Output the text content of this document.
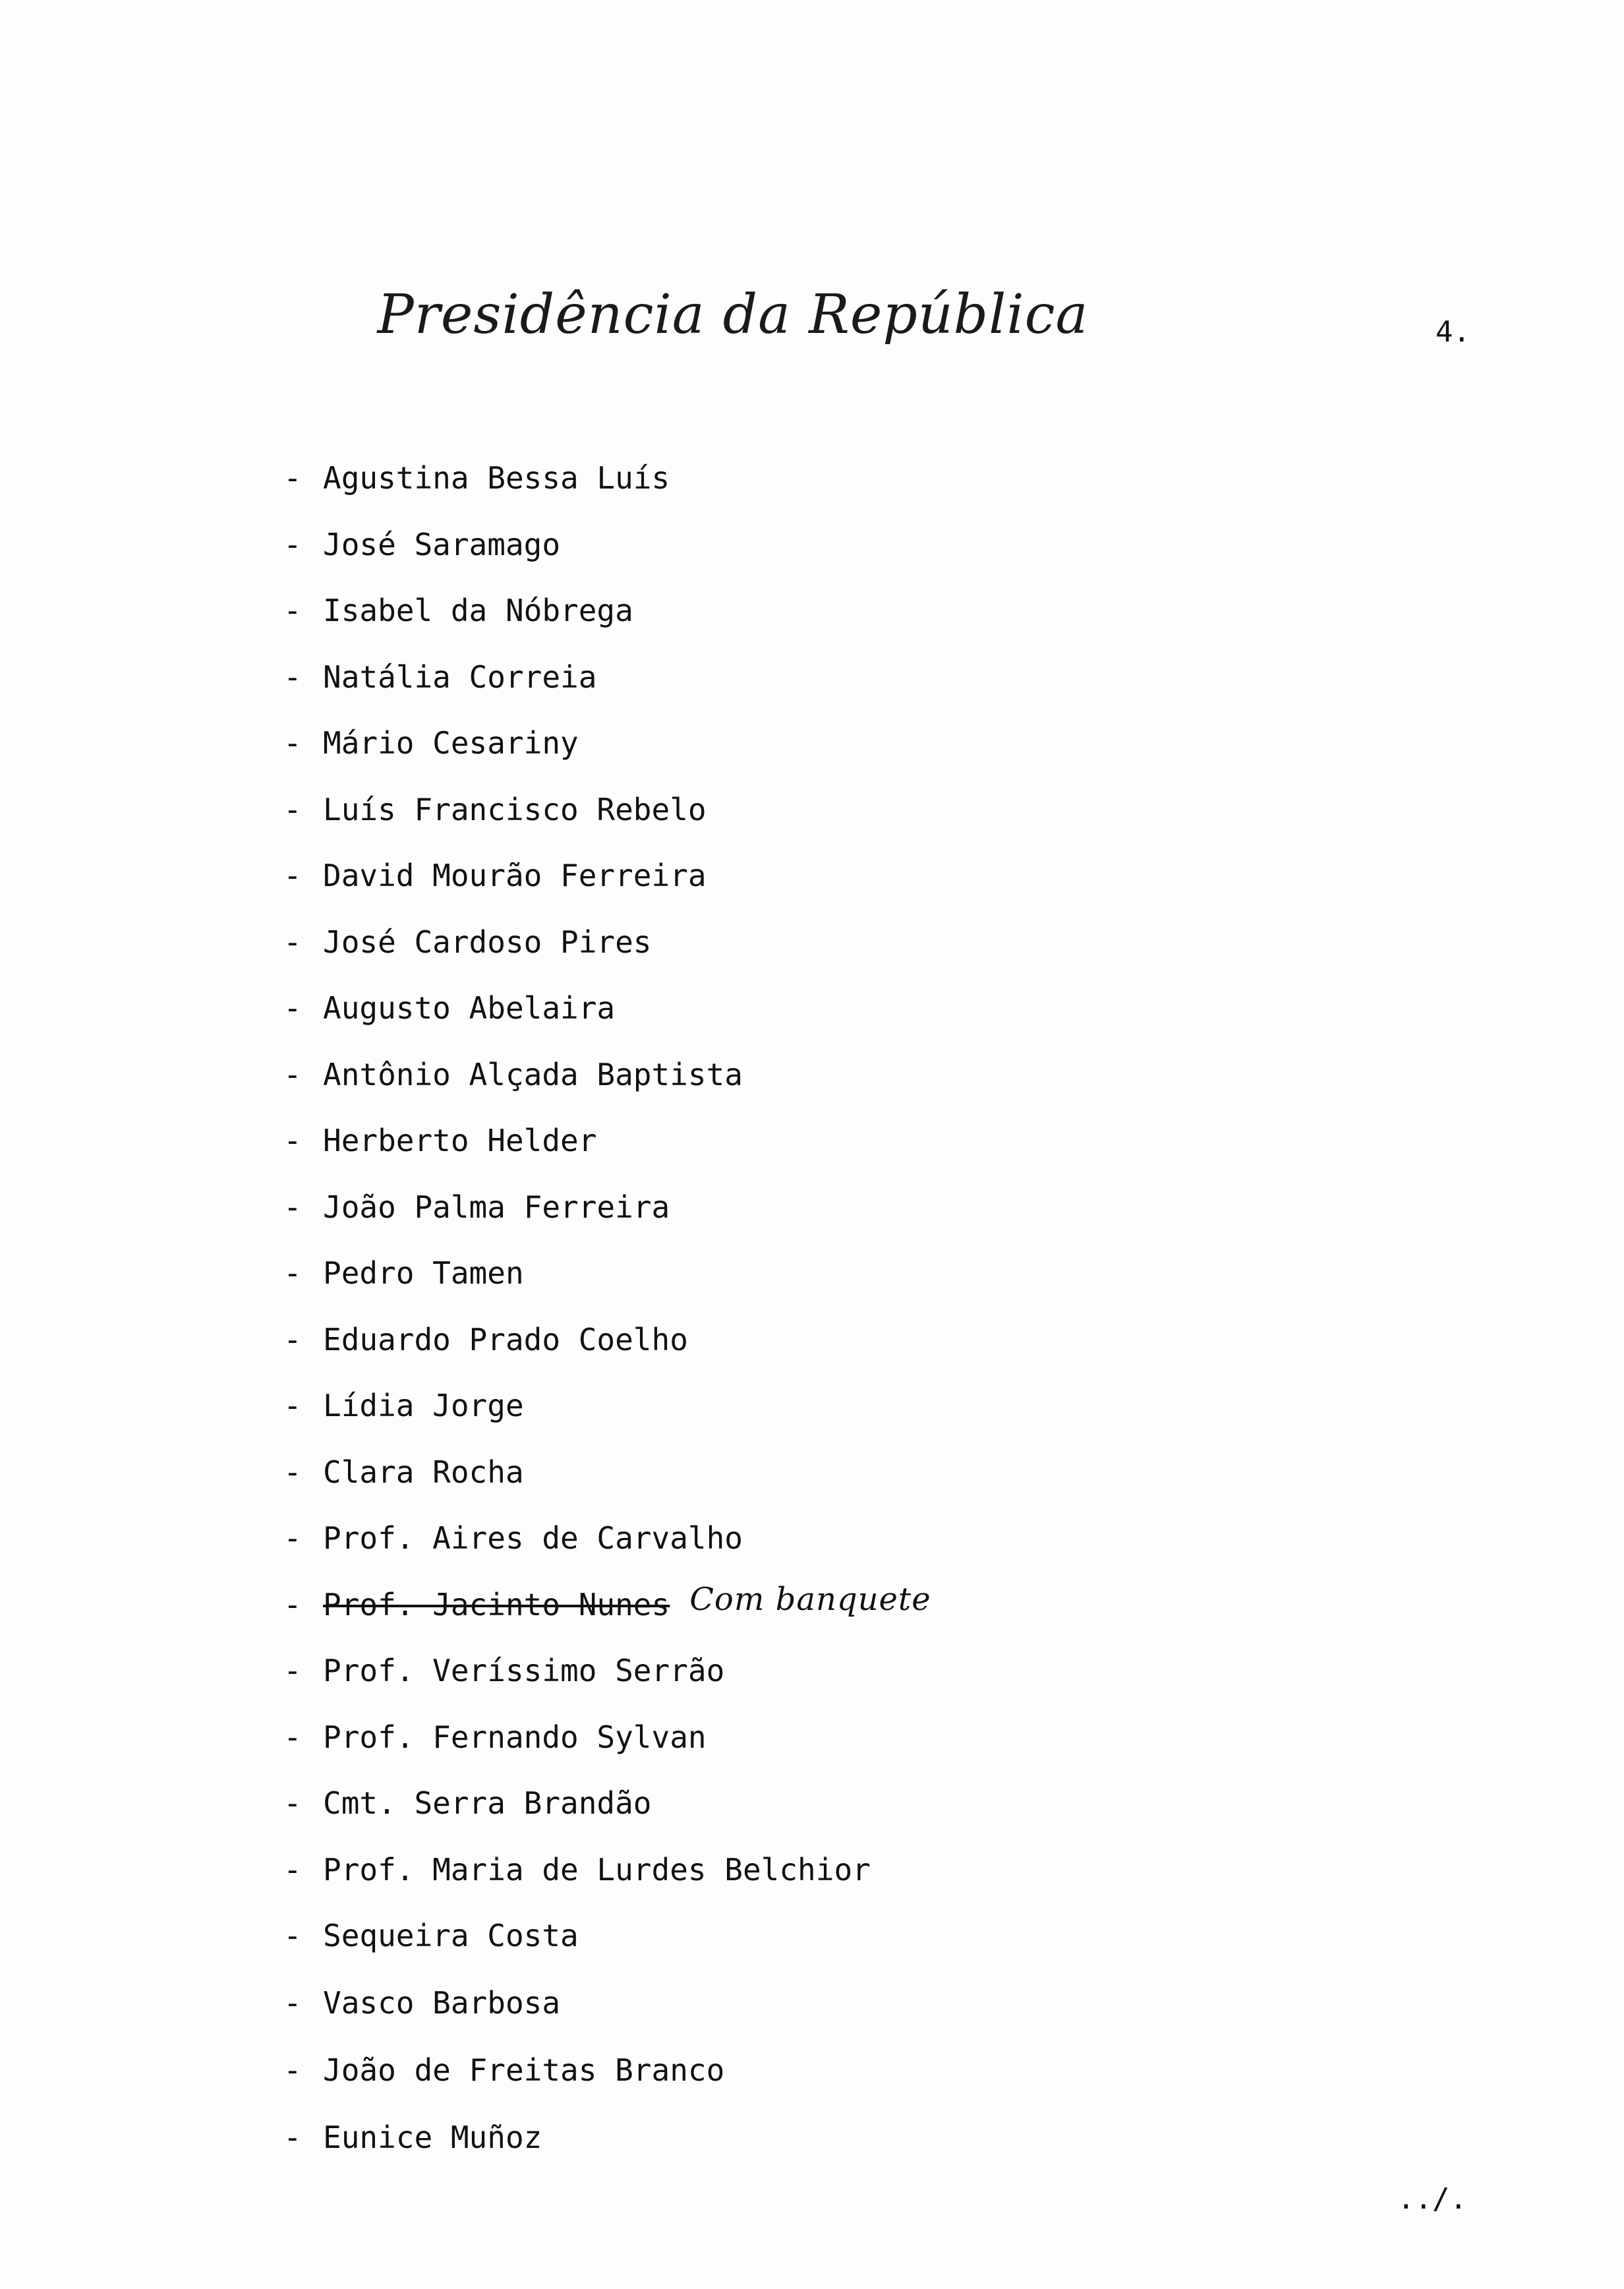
Presidência da República	4.
- Agustina Bessa Luís
- José Saramago
- Isabel da Nóbrega
- Natália Correia
- Mário Cesariny
- Luís Francisco Rebelo
- David Mourão Ferreira
- José Cardoso Pires
- Augusto Abelaira
- Antônio Alçada Baptista
- Herberto Helder
- João Palma Ferreira
- Pedro Tamen
- Eduardo Prado Coelho
- Lídia Jorge
- Clara Rocha
- Prof. Aires de Carvalho
- Prof. Jacinto Nunes Com banquete
- Prof. Veríssimo Serrão
- Prof. Fernando Sylvan
- Cmt. Serra Brandão
- Prof. Maria de Lurdes Belchior
- Sequeira Costa
- Vasco Barbosa
- João de Freitas Branco
- Eunice Muñoz
../.
